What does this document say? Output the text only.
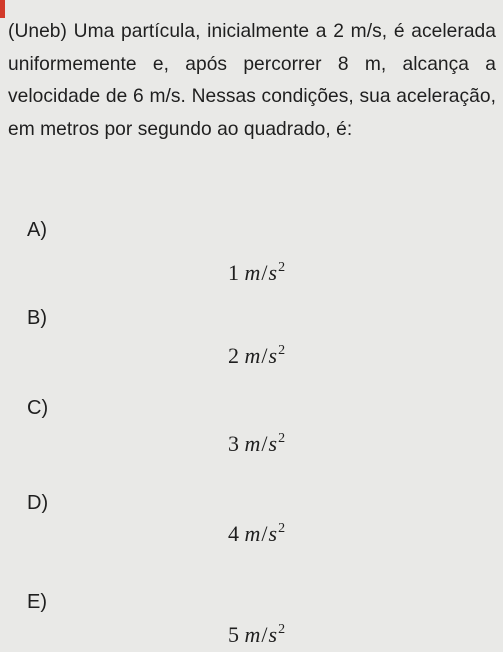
(Uneb) Uma partícula, inicialmente a 2 m/s, é acelerada uniformemente e, após percorrer 8 m, alcança a velocidade de 6 m/s. Nessas condições, sua aceleração, em metros por segundo ao quadrado, é:
A)
1 $m/s^2$
B)
2 $m/s^2$
C)
3 $m/s^2$
D)
4 $m/s^2$
E)
5 $m/s^2$
